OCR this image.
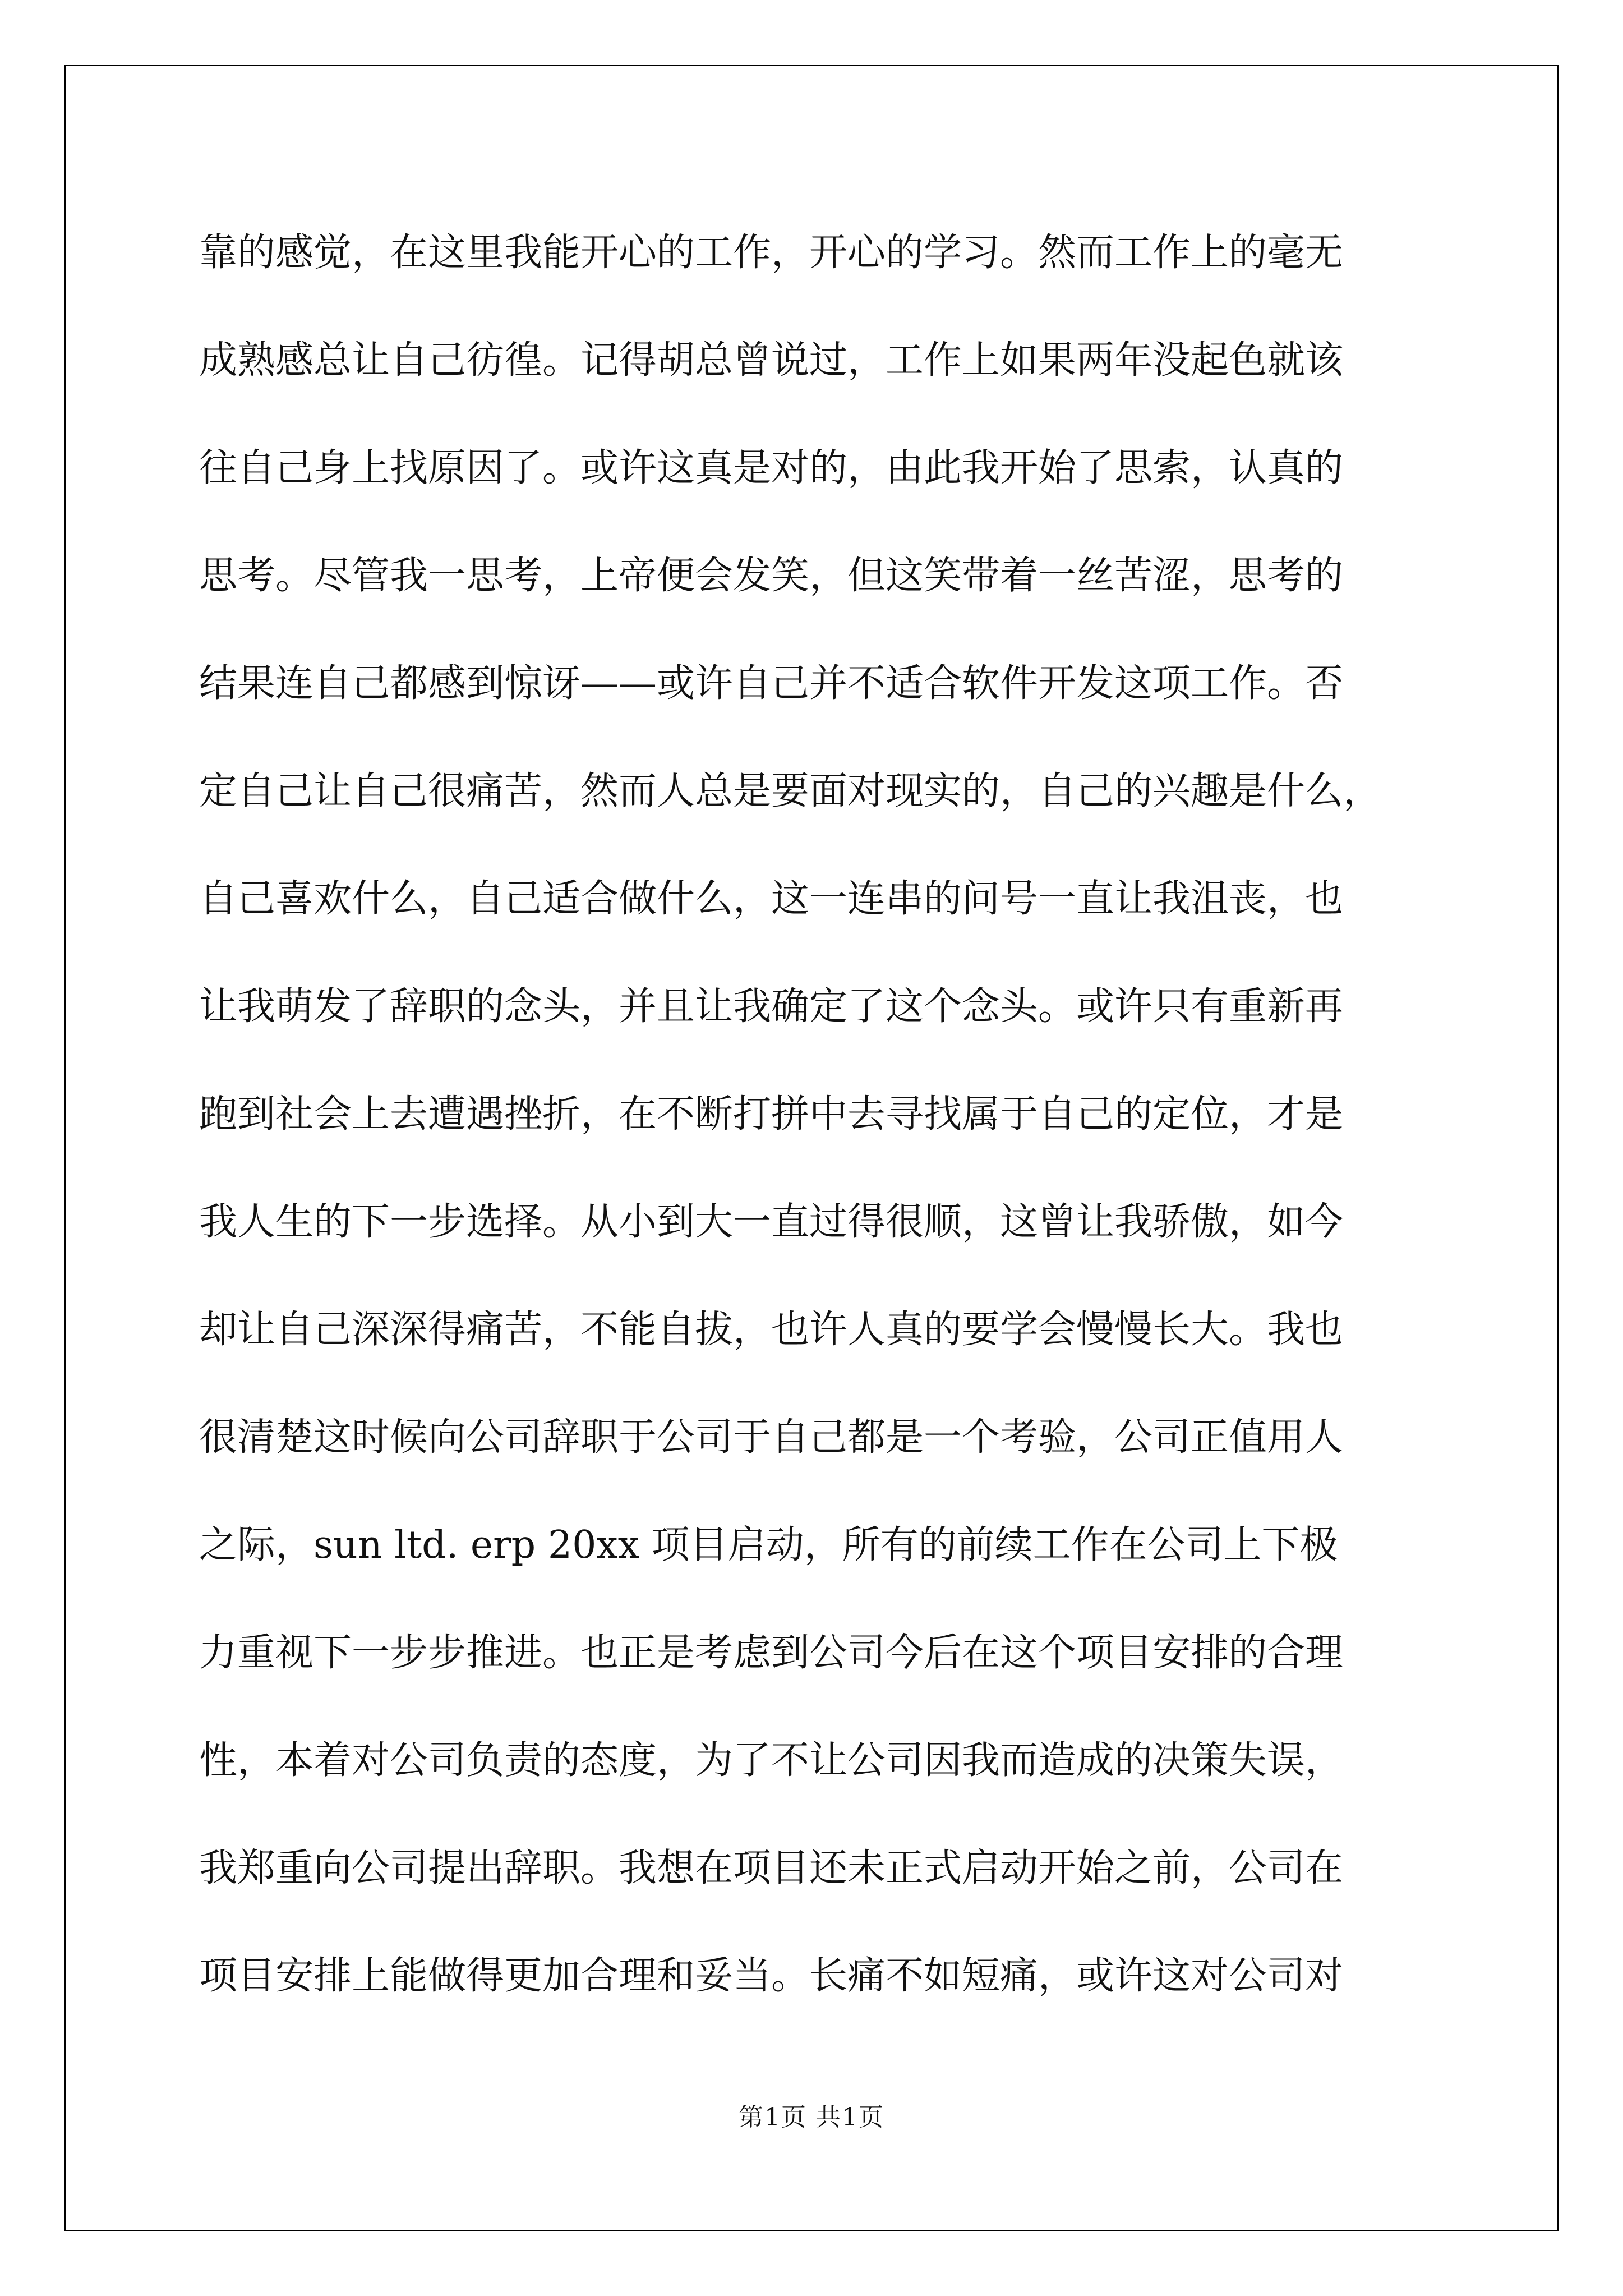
靠的感觉，在这里我能开心的工作，开心的学习。然而工作上的毫无
成熟感总让自己彷徨。记得胡总曾说过，工作上如果两年没起色就该
往自己身上找原因了。或许这真是对的，由此我开始了思索，认真的
思考。尽管我一思考，上帝便会发笑，但这笑带着一丝苦涩，思考的
结果连自己都感到惊讶——或许自己并不适合软件开发这项工作。否
定自己让自己很痛苦，然而人总是要面对现实的，自己的兴趣是什么，
自己喜欢什么，自己适合做什么，这一连串的问号一直让我沮丧，也
让我萌发了辞职的念头，并且让我确定了这个念头。或许只有重新再
跑到社会上去遭遇挫折，在不断打拼中去寻找属于自己的定位，才是
我人生的下一步选择。从小到大一直过得很顺，这曾让我骄傲，如今
却让自己深深得痛苦，不能自拔，也许人真的要学会慢慢长大。我也
很清楚这时候向公司辞职于公司于自己都是一个考验，公司正值用人
之际，sun ltd. erp 20xx 项目启动，所有的前续工作在公司上下极
力重视下一步步推进。也正是考虑到公司今后在这个项目安排的合理
性，本着对公司负责的态度，为了不让公司因我而造成的决策失误，
我郑重向公司提出辞职。我想在项目还未正式启动开始之前，公司在
项目安排上能做得更加合理和妥当。长痛不如短痛，或许这对公司对
第1页 共1页
